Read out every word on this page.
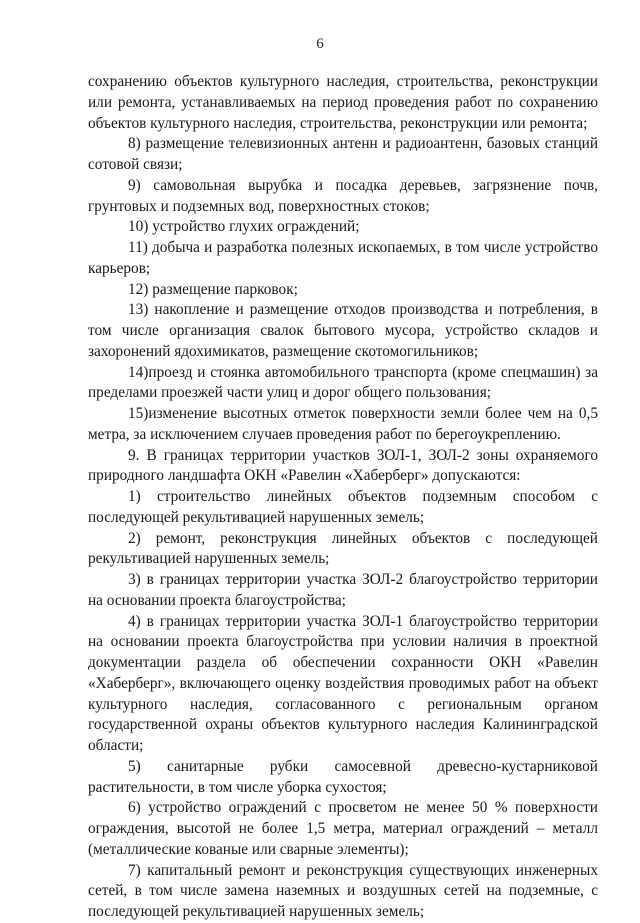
6

сохранению объектов культурного наследия, строительства, реконструкции или ремонта, устанавливаемых на период проведения работ по сохранению объектов культурного наследия, строительства, реконструкции или ремонта;

8) размещение телевизионных антенн и радиоантенн, базовых станций сотовой связи;

9) самовольная вырубка и посадка деревьев, загрязнение почв, грунтовых и подземных вод, поверхностных стоков;

10) устройство глухих ограждений;

11) добыча и разработка полезных ископаемых, в том числе устройство карьеров;

12) размещение парковок;

13) накопление и размещение отходов производства и потребления, в том числе организация свалок бытового мусора, устройство складов и захоронений ядохимикатов, размещение скотомогильников;

14)проезд и стоянка автомобильного транспорта (кроме спецмашин) за пределами проезжей части улиц и дорог общего пользования;

15)изменение высотных отметок поверхности земли более чем на 0,5 метра, за исключением случаев проведения работ по берегоукреплению.

9. В границах территории участков ЗОЛ-1, ЗОЛ-2 зоны охраняемого природного ландшафта ОКН «Равелин «Хаберберг» допускаются:

1) строительство линейных объектов подземным способом с последующей рекультивацией нарушенных земель;

2) ремонт, реконструкция линейных объектов с последующей рекультивацией нарушенных земель;

3) в границах территории участка ЗОЛ-2 благоустройство территории на основании проекта благоустройства;

4) в границах территории участка ЗОЛ-1 благоустройство территории на основании проекта благоустройства при условии наличия в проектной документации раздела об обеспечении сохранности ОКН «Равелин «Хаберберг», включающего оценку воздействия проводимых работ на объект культурного наследия, согласованного с региональным органом государственной охраны объектов культурного наследия Калининградской области;

5) санитарные рубки самосевной древесно-кустарниковой растительности, в том числе уборка сухостоя;

6) устройство ограждений с просветом не менее 50 % поверхности ограждения, высотой не более 1,5 метра, материал ограждений – металл (металлические кованые или сварные элементы);

7) капитальный ремонт и реконструкция существующих инженерных сетей, в том числе замена наземных и воздушных сетей на подземные, с последующей рекультивацией нарушенных земель;
